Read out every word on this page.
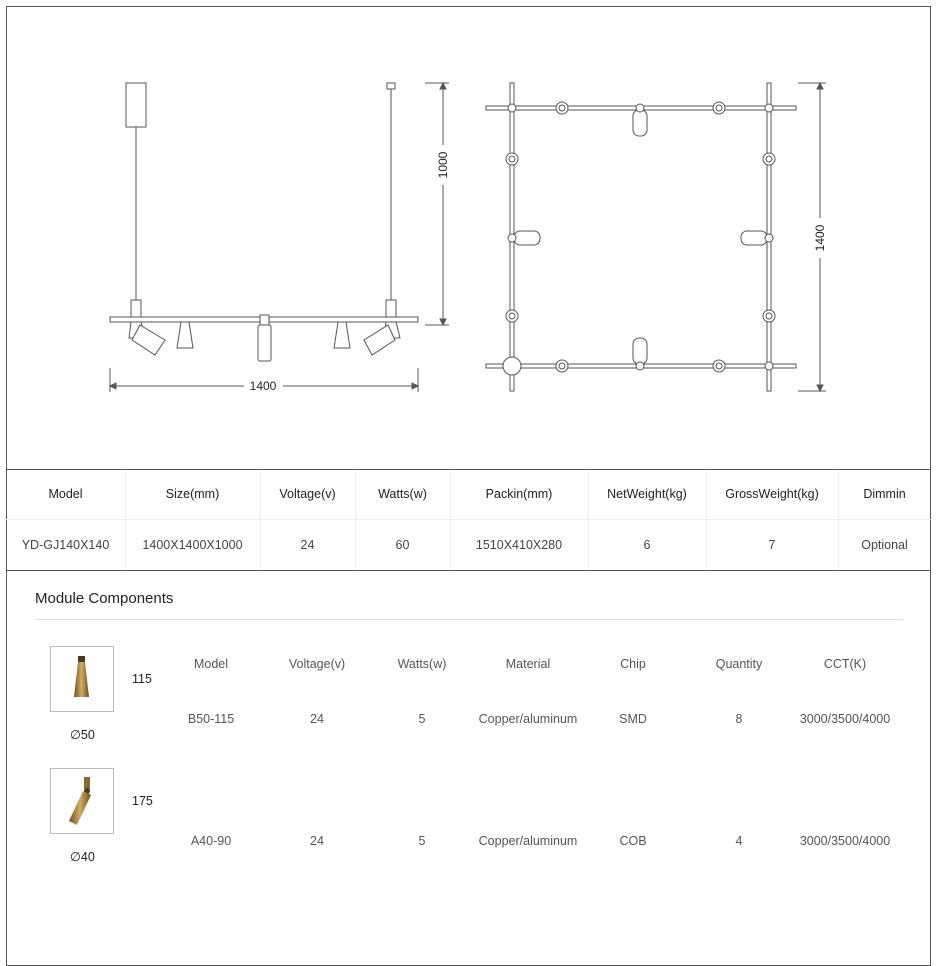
1400
1000
1400
Model	Size(mm)	Voltage(v)	Watts(w)	Packin(mm)	NetWeight(kg)	GrossWeight(kg)	Dimmin
YD-GJ140X140	1400X1400X1000	24	60	1510X410X280	6	7	Optional
Module Components
Model	Voltage(v)	Watts(w)	Material	Chip	Quantity	CCT(K)
115
∅50
B50-115	24	5	Copper/aluminum	SMD	8	3000/3500/4000
175
∅40
A40-90	24	5	Copper/aluminum	COB	4	3000/3500/4000
